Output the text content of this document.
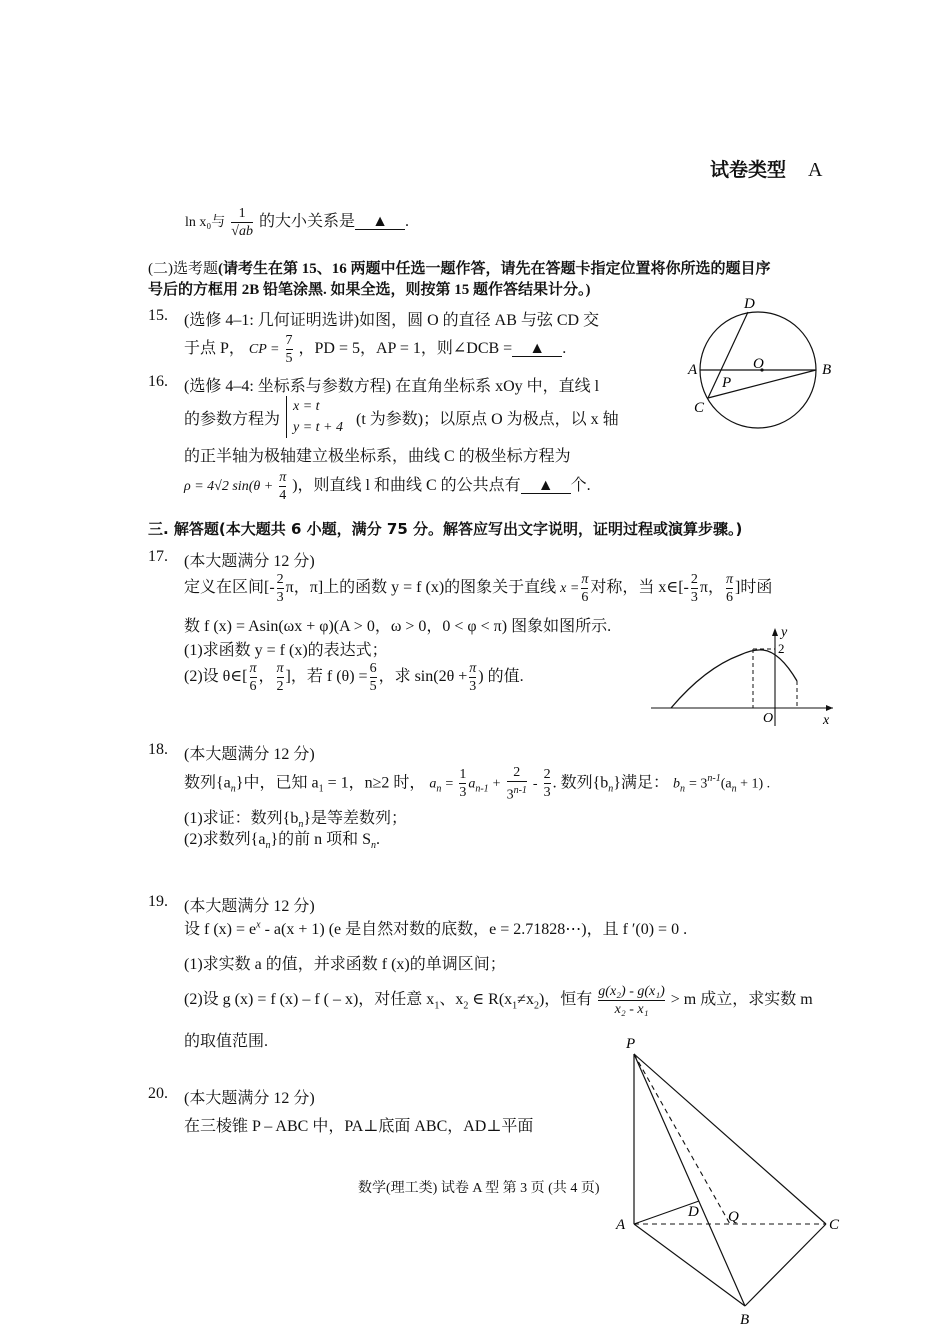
试卷类型 A
ln x₀与 $\frac{1}{√ab}$ 的大小关系是 ▲ .
(二)选考题(请考生在第 15、16 两题中任选一题作答，请先在答题卡指定位置将你所选的题目序
号后的方框用 2B 铅笔涂黑. 如果全选，则按第 15 题作答结果计分。)
15.	(选修 4–1: 几何证明选讲)如图，圆 O 的直径 AB 与弦 CD 交
于点 P， CP = $\frac{7}{5}$ ，PD = 5，AP = 1，则∠DCB = ▲ .
16.	(选修 4–4: 坐标系与参数方程) 在直角坐标系 xOy 中，直线 l
的参数方程为
x = t
y = t + 4 (t 为参数)；以原点 O 为极点，以 x 轴
的正半轴为极轴建立极坐标系，曲线 C 的极坐标方程为
ρ = 4√2 $\sin(\theta + \frac{\pi}{4}$ )，则直线 l 和曲线 C 的公共点有 ▲ 个.
三. 解答题(本大题共 6 小题，满分 75 分。解答应写出文字说明，证明过程或演算步骤。)
17.	(本大题满分 12 分)
定义在区间[- $\frac{2}{3}$ π，π]上的函数 y = f (x)的图象关于直线 $x = \frac{\pi}{6}$ 对称，当 x∈[- $\frac{2}{3}$ π， $\frac{\pi}{6}$ ]时函
数 f (x) = Asin(ωx + φ)(A > 0，ω > 0，0 < φ < π) 图象如图所示.
(1)求函数 y = f (x)的表达式；
(2)设 θ∈[ $\frac{\pi}{6}$ ， $\frac{\pi}{2}$ ]，若 f $(\theta) = \frac{6}{5}$ ，求 $\sin(2\theta + \frac{\pi}{3}$ ) 的值.
18.	(本大题满分 12 分)
数列$\{a_n\}$中，已知 $a_1 = 1$，n≥2 时， $a_n = \frac{1}{3} a_{n-1} + \frac{2}{3^{n-1}} - \frac{2}{3}$ . 数列$\{b_n\}$满足： $b_n = 3^{n-1}(a_n + 1)$ .
(1)求证：数列$\{b_n\}$是等差数列；
(2)求数列$\{a_n\}$的前 n 项和 $S_n$.
19.	(本大题满分 12 分)
设 f $(x) = e^x - a(x + 1)$ (e 是自然对数的底数，e = 2.71828⋯)，且 f ′(0) = 0 .
(1)求实数 a 的值，并求函数 f (x)的单调区间；
(2)设 g (x) = f (x) – f ( – x)，对任意 $x_1$、$x_2$ ∈ $R(x_1\ne x_2)$，恒有 $\frac{\text{g(x₂) - g(x₁)}}{\text{x₂ - x₁}} > m$ 成立，求实数 m
的取值范围.
20.	(本大题满分 12 分)
在三棱锥 P – ABC 中，PA⊥底面 ABC，AD⊥平面
数学(理工类) 试卷 A 型 第 3 页 (共 4 页)
D
A	O	B
P
C
y
2
O	x
P
D Q
A	C
B
